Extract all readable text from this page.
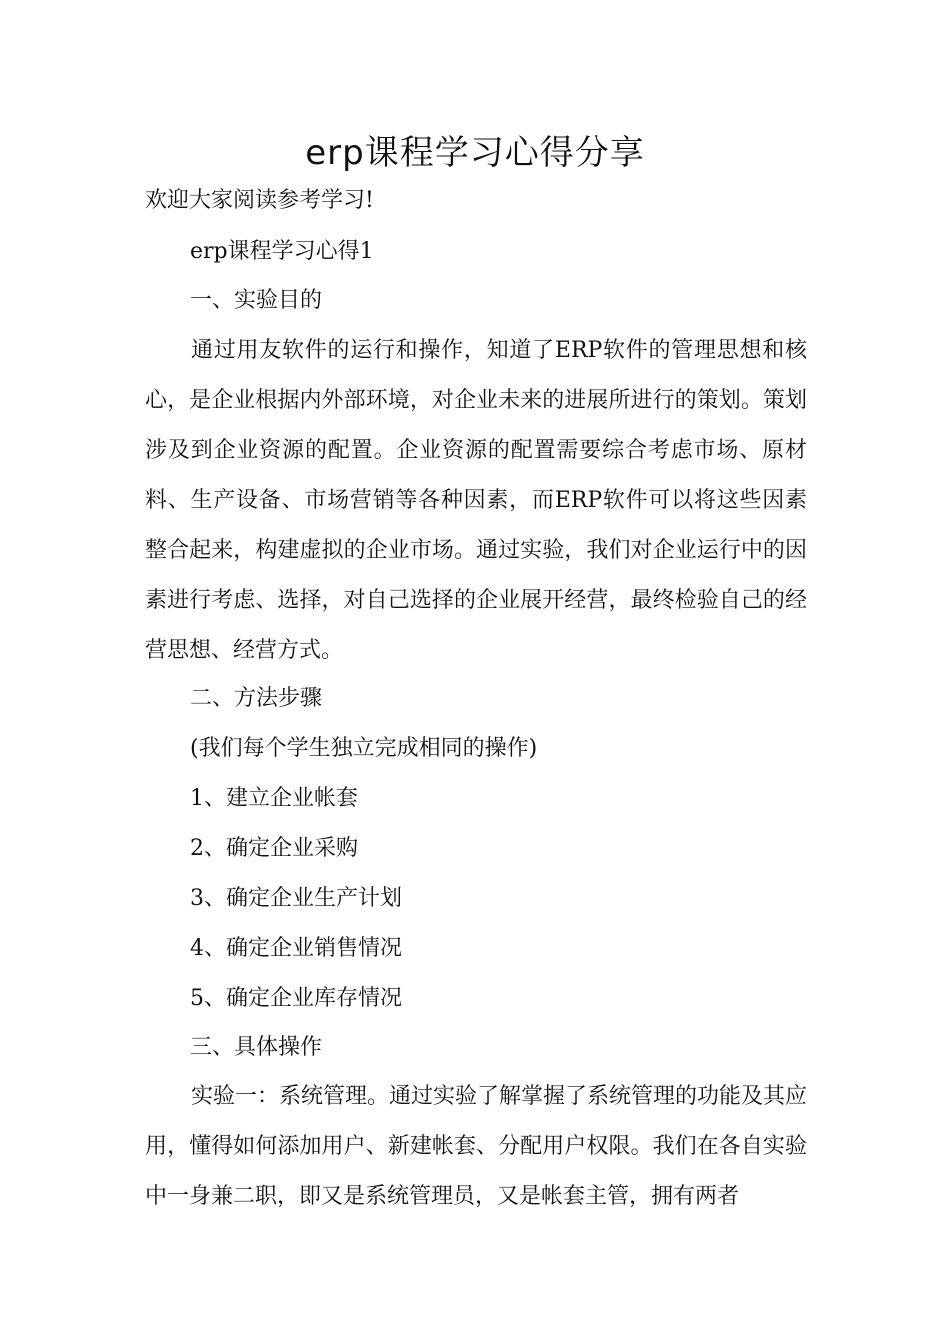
erp课程学习心得分享
欢迎大家阅读参考学习!
erp课程学习心得1
一、实验目的
通过用友软件的运行和操作，知道了ERP软件的管理思想和核心，是企业根据内外部环境，对企业未来的进展所进行的策划。策划涉及到企业资源的配置。企业资源的配置需要综合考虑市场、原材料、生产设备、市场营销等各种因素，而ERP软件可以将这些因素整合起来，构建虚拟的企业市场。通过实验，我们对企业运行中的因素进行考虑、选择，对自己选择的企业展开经营，最终检验自己的经营思想、经营方式。
二、方法步骤
(我们每个学生独立完成相同的操作)
1、建立企业帐套
2、确定企业采购
3、确定企业生产计划
4、确定企业销售情况
5、确定企业库存情况
三、具体操作
实验一：系统管理。通过实验了解掌握了系统管理的功能及其应用，懂得如何添加用户、新建帐套、分配用户权限。我们在各自实验中一身兼二职，即又是系统管理员，又是帐套主管，拥有两者
